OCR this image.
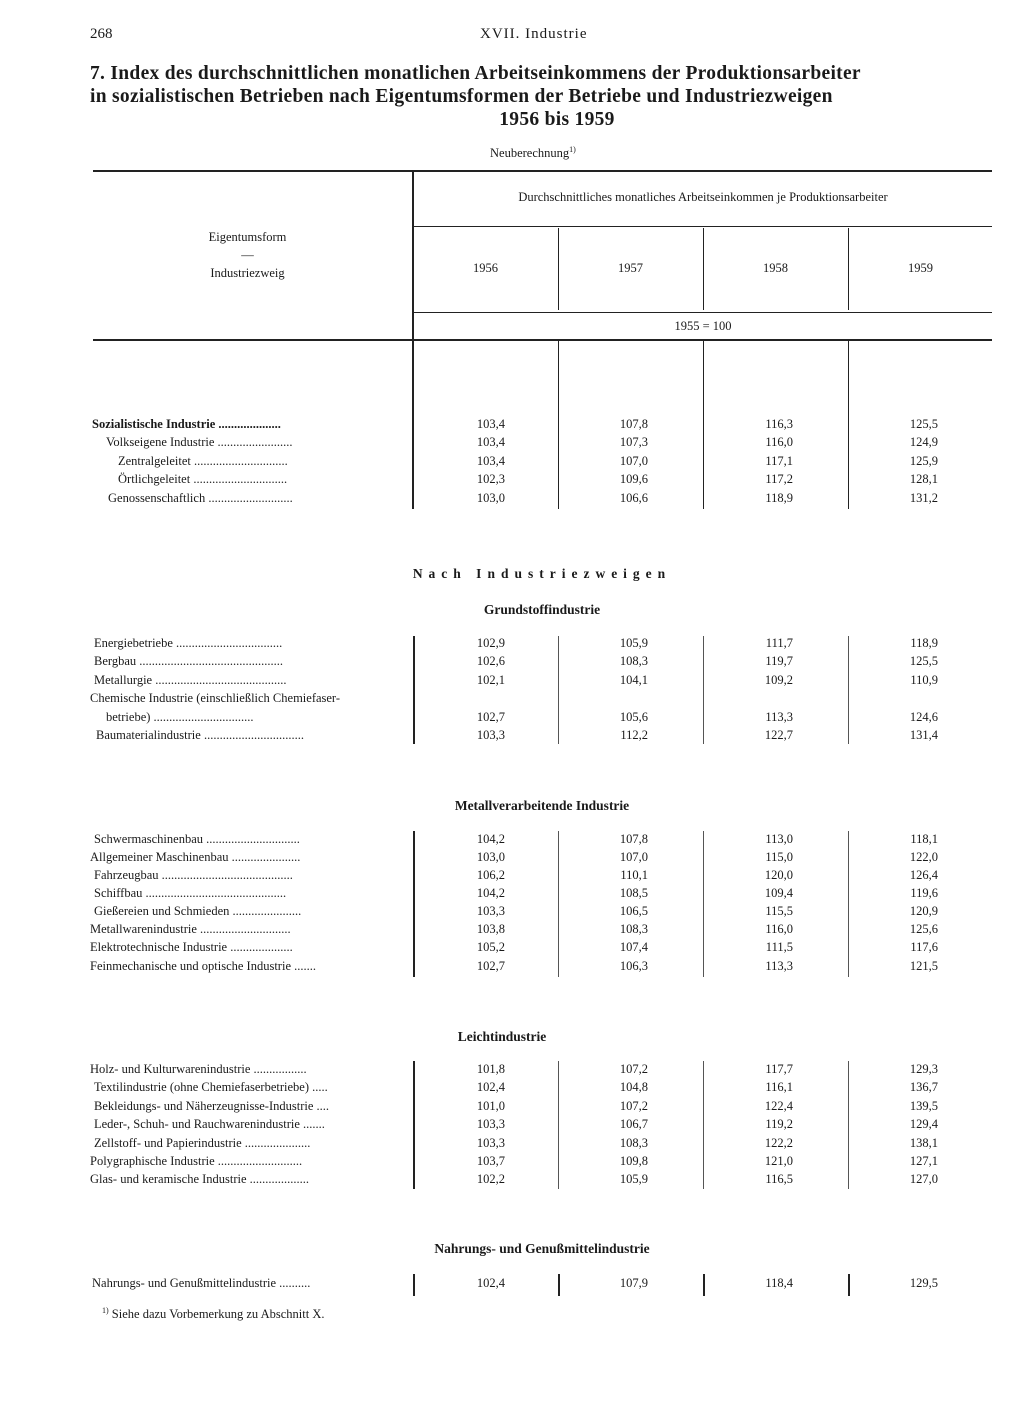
268	XVII. Industrie
7. Index des durchschnittlichen monatlichen Arbeitseinkommens der Produktionsarbeiter
in sozialistischen Betrieben nach Eigentumsformen der Betriebe und Industriezweigen
1956 bis 1959
Neuberechnung$^{1)}$
Eigentumsform
—
Industriezweig
Durchschnittliches monatliches Arbeitseinkommen je Produktionsarbeiter
1956	1957	1958	1959
1955 = 100
Sozialistische Industrie ....................	103,4	107,8	116,3	125,5
Volkseigene Industrie ........................	103,4	107,3	116,0	124,9
Zentralgeleitet ..............................	103,4	107,0	117,1	125,9
Örtlichgeleitet ..............................	102,3	109,6	117,2	128,1
Genossenschaftlich ...........................	103,0	106,6	118,9	131,2
Nach Industriezweigen
Grundstoffindustrie
Energiebetriebe ..................................	102,9	105,9	111,7	118,9
Bergbau ..............................................	102,6	108,3	119,7	125,5
Metallurgie ..........................................	102,1	104,1	109,2	110,9
Chemische Industrie (einschließlich Chemiefaser-
betriebe) ................................	102,7	105,6	113,3	124,6
Baumaterialindustrie ................................	103,3	112,2	122,7	131,4
Metallverarbeitende Industrie
Schwermaschinenbau ..............................	104,2	107,8	113,0	118,1
Allgemeiner Maschinenbau ......................	103,0	107,0	115,0	122,0
Fahrzeugbau ..........................................	106,2	110,1	120,0	126,4
Schiffbau .............................................	104,2	108,5	109,4	119,6
Gießereien und Schmieden ......................	103,3	106,5	115,5	120,9
Metallwarenindustrie .............................	103,8	108,3	116,0	125,6
Elektrotechnische Industrie ....................	105,2	107,4	111,5	117,6
Feinmechanische und optische Industrie .......	102,7	106,3	113,3	121,5
Leichtindustrie
Holz- und Kulturwarenindustrie .................	101,8	107,2	117,7	129,3
Textilindustrie (ohne Chemiefaserbetriebe) .....	102,4	104,8	116,1	136,7
Bekleidungs- und Näherzeugnisse-Industrie ....	101,0	107,2	122,4	139,5
Leder-, Schuh- und Rauchwarenindustrie .......	103,3	106,7	119,2	129,4
Zellstoff- und Papierindustrie .....................	103,3	108,3	122,2	138,1
Polygraphische Industrie ...........................	103,7	109,8	121,0	127,1
Glas- und keramische Industrie ...................	102,2	105,9	116,5	127,0
Nahrungs- und Genußmittelindustrie
Nahrungs- und Genußmittelindustrie ..........	102,4	107,9	118,4	129,5
$^{1)}$ Siehe dazu Vorbemerkung zu Abschnitt X.
